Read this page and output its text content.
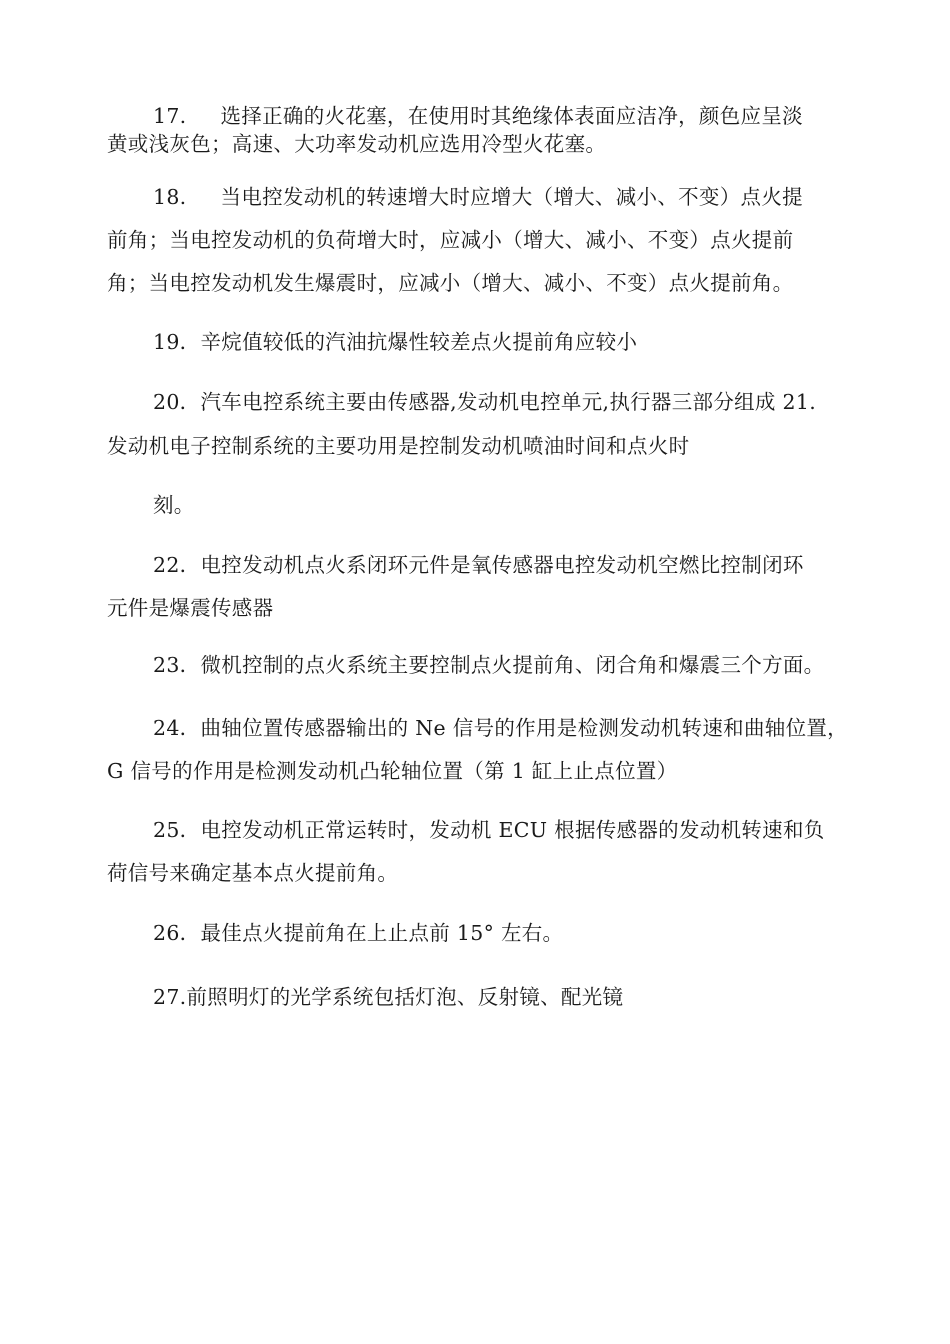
17. 选择正确的火花塞，在使用时其绝缘体表面应洁净，颜色应呈淡
黄或浅灰色；高速、大功率发动机应选用冷型火花塞。
18. 当电控发动机的转速增大时应增大（增大、减小、不变）点火提
前角；当电控发动机的负荷增大时，应减小（增大、减小、不变）点火提前
角；当电控发动机发生爆震时，应减小（增大、减小、不变）点火提前角。
19．辛烷值较低的汽油抗爆性较差点火提前角应较小
20．汽车电控系统主要由传感器,发动机电控单元,执行器三部分组成 21.
发动机电子控制系统的主要功用是控制发动机喷油时间和点火时
刻。
22．电控发动机点火系闭环元件是氧传感器电控发动机空燃比控制闭环
元件是爆震传感器
23．微机控制的点火系统主要控制点火提前角、闭合角和爆震三个方面。
24．曲轴位置传感器输出的 Ne 信号的作用是检测发动机转速和曲轴位置，
G 信号的作用是检测发动机凸轮轴位置（第 1 缸上止点位置）
25．电控发动机正常运转时，发动机 ECU 根据传感器的发动机转速和负
荷信号来确定基本点火提前角。
26．最佳点火提前角在上止点前 15° 左右。
27.前照明灯的光学系统包括灯泡、反射镜、配光镜
